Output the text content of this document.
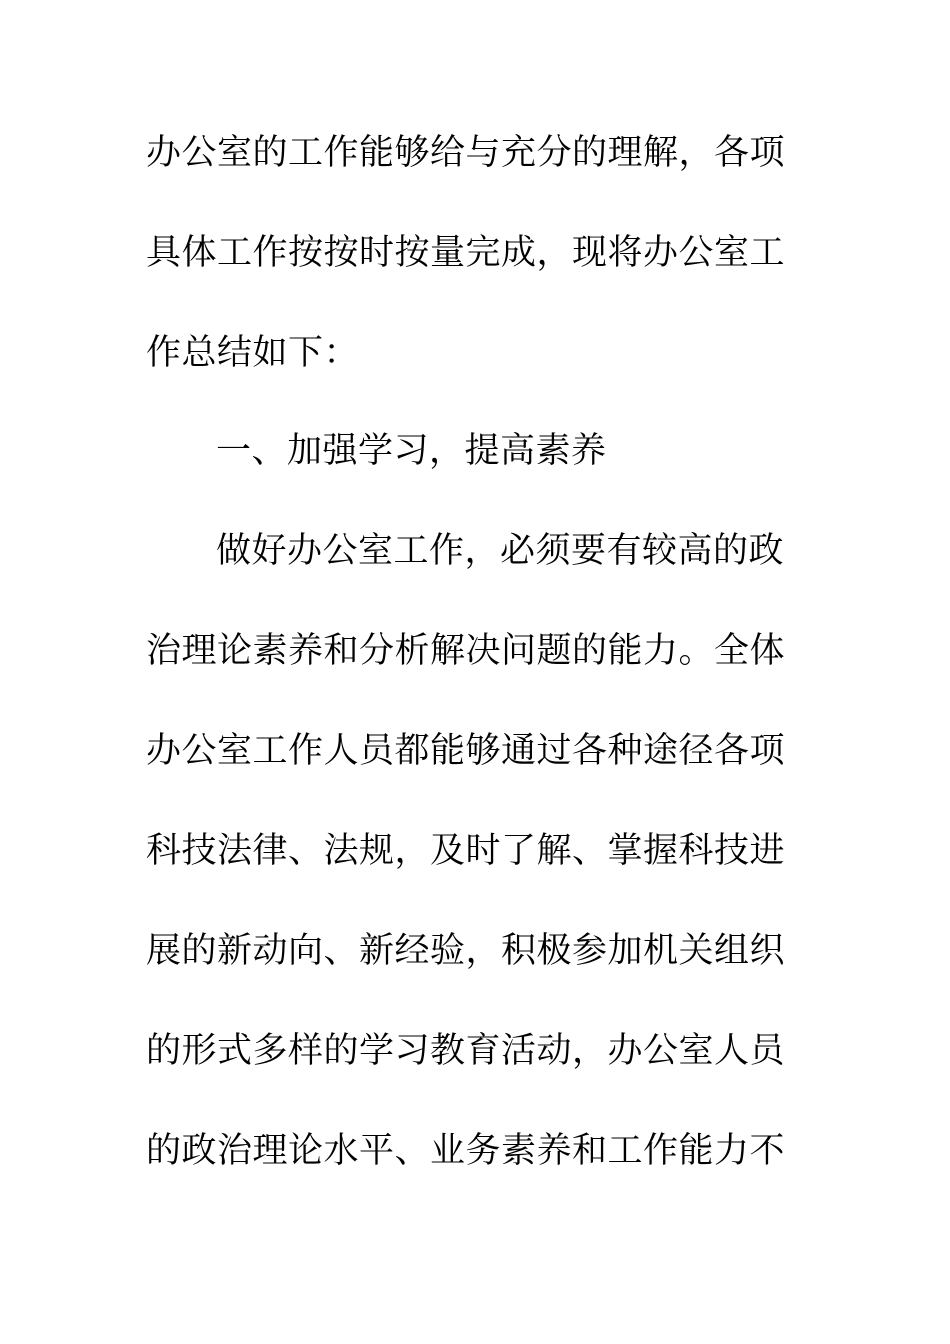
办公室的工作能够给与充分的理解，各项
具体工作按按时按量完成，现将办公室工
作总结如下：
一、加强学习，提高素养
做好办公室工作，必须要有较高的政
治理论素养和分析解决问题的能力。全体
办公室工作人员都能够通过各种途径各项
科技法律、法规，及时了解、掌握科技进
展的新动向、新经验，积极参加机关组织
的形式多样的学习教育活动，办公室人员
的政治理论水平、业务素养和工作能力不
